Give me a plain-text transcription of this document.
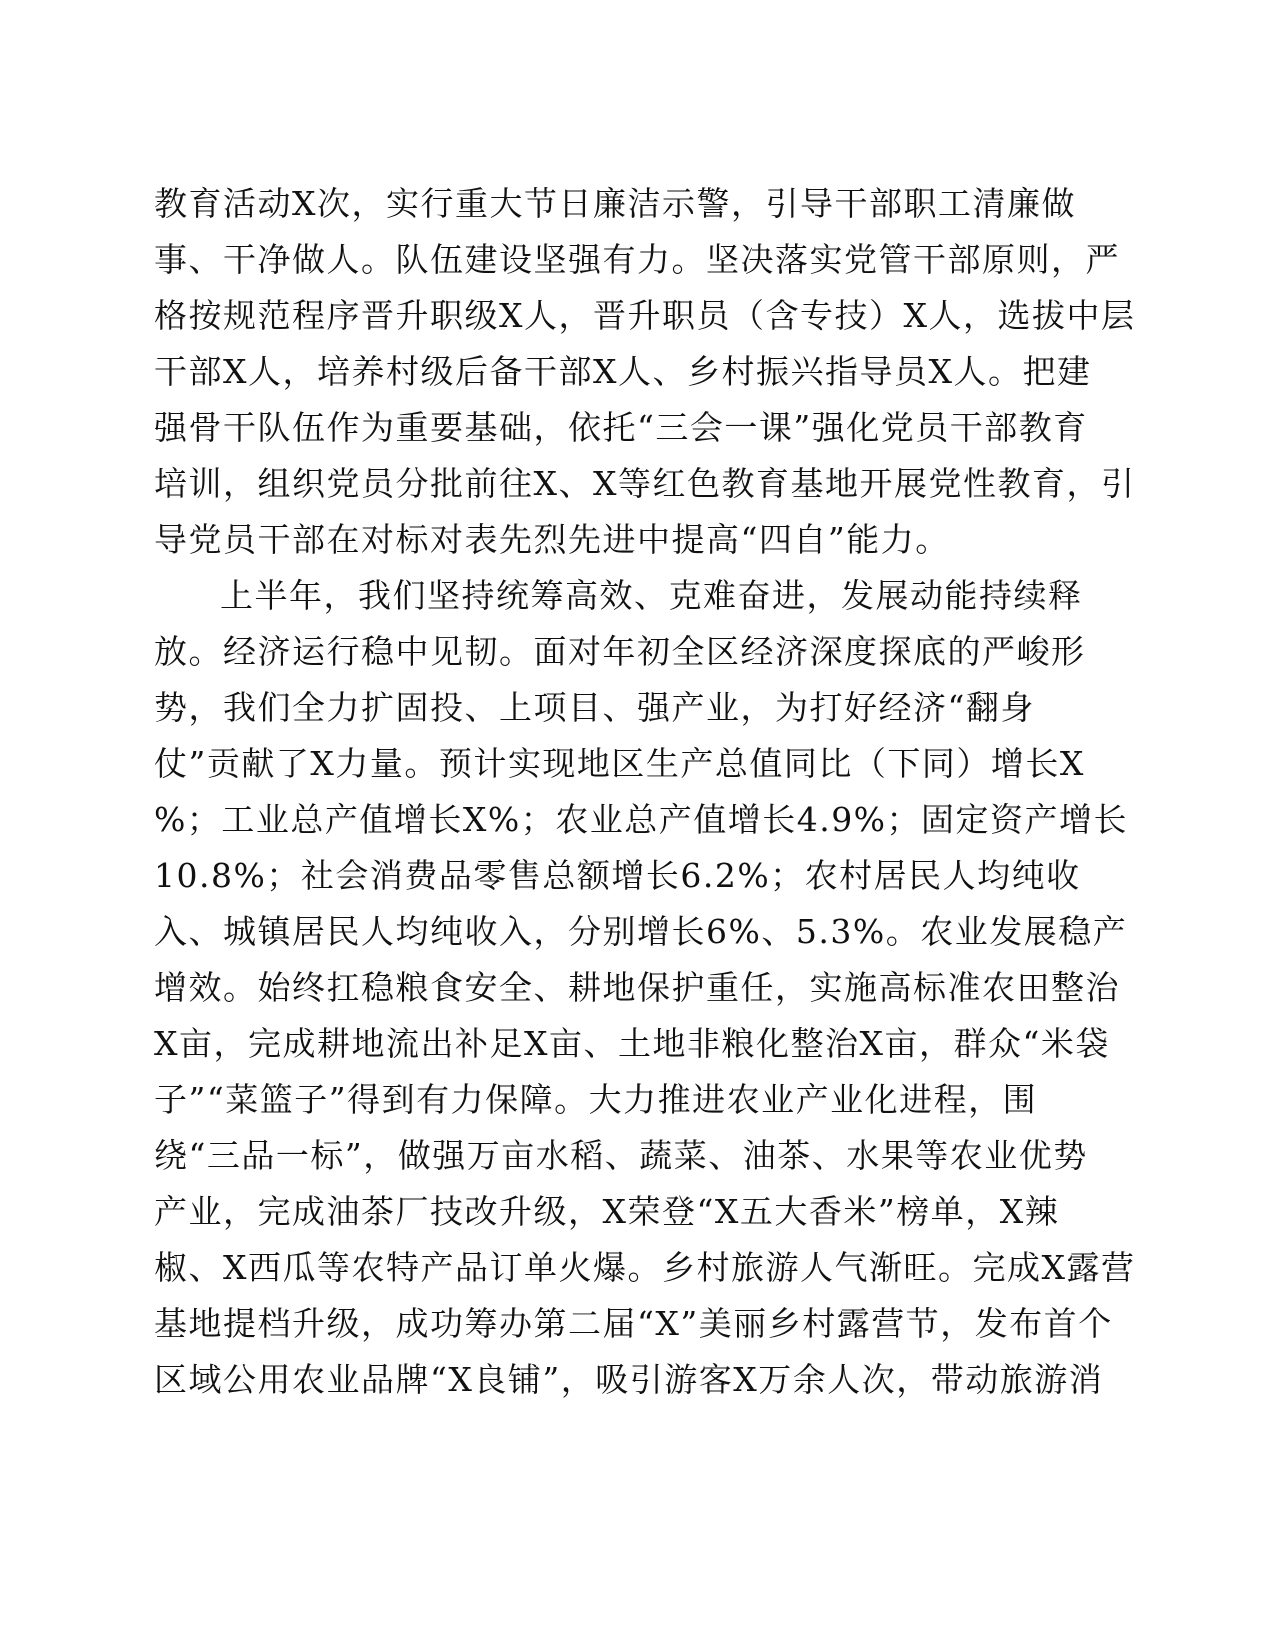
教育活动X次，实行重大节日廉洁示警，引导干部职工清廉做
事、干净做人。队伍建设坚强有力。坚决落实党管干部原则，严
格按规范程序晋升职级X人，晋升职员（含专技）X人，选拔中层
干部X人，培养村级后备干部X人、乡村振兴指导员X人。把建
强骨干队伍作为重要基础，依托“三会一课”强化党员干部教育
培训，组织党员分批前往X、X等红色教育基地开展党性教育，引
导党员干部在对标对表先烈先进中提高“四自”能力。
上半年，我们坚持统筹高效、克难奋进，发展动能持续释
放。经济运行稳中见韧。面对年初全区经济深度探底的严峻形
势，我们全力扩固投、上项目、强产业，为打好经济“翻身
仗”贡献了X力量。预计实现地区生产总值同比（下同）增长X
%；工业总产值增长X%；农业总产值增长4.9%；固定资产增长
10.8%；社会消费品零售总额增长6.2%；农村居民人均纯收
入、城镇居民人均纯收入，分别增长6%、5.3%。农业发展稳产
增效。始终扛稳粮食安全、耕地保护重任，实施高标准农田整治
X亩，完成耕地流出补足X亩、土地非粮化整治X亩，群众“米袋
子”“菜篮子”得到有力保障。大力推进农业产业化进程，围
绕“三品一标”，做强万亩水稻、蔬菜、油茶、水果等农业优势
产业，完成油茶厂技改升级，X荣登“X五大香米”榜单，X辣
椒、X西瓜等农特产品订单火爆。乡村旅游人气渐旺。完成X露营
基地提档升级，成功筹办第二届“X”美丽乡村露营节，发布首个
区域公用农业品牌“X良铺”，吸引游客X万余人次，带动旅游消
